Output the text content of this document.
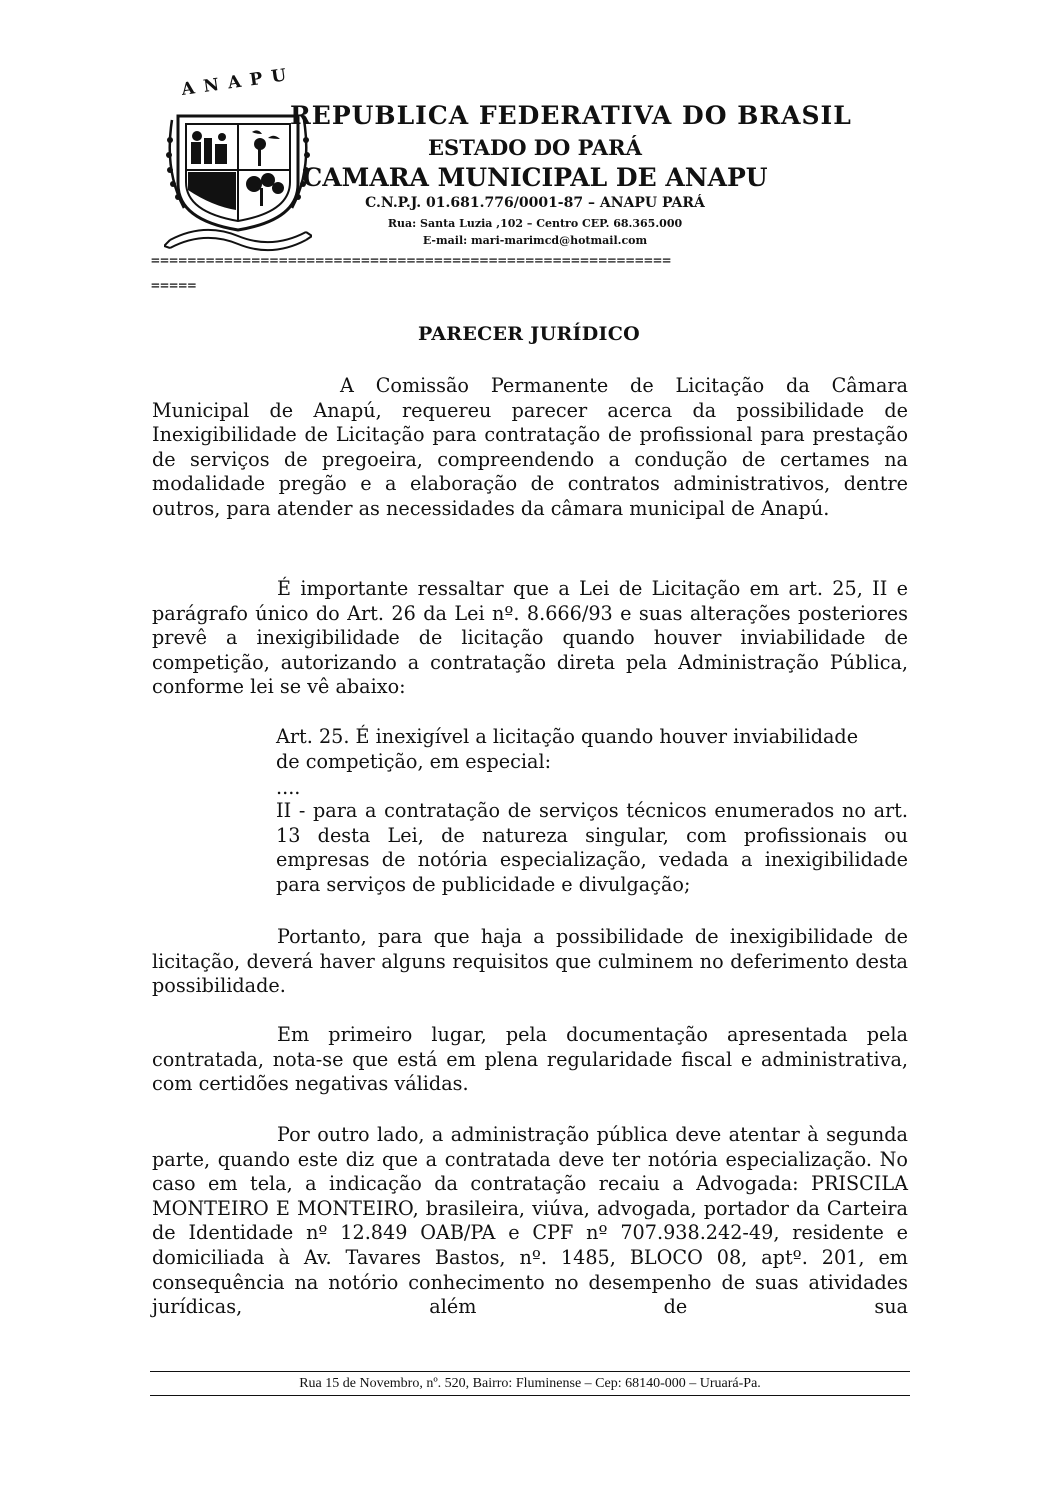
ANAPU
REPUBLICA FEDERATIVA DO BRASIL
ESTADO DO PARÁ
CAMARA MUNICIPAL DE ANAPU
C.N.P.J. 01.681.776/0001-87 – ANAPU PARÁ
Rua: Santa Luzia ,102 – Centro CEP. 68.365.000
E-mail: mari-marimcd@hotmail.com
=========================================================
=====
PARECER JURÍDICO

A Comissão Permanente de Licitação da Câmara Municipal de Anapú, requereu parecer acerca da possibilidade de Inexigibilidade de Licitação para contratação de profissional para prestação de serviços de pregoeira, compreendendo a condução de certames na modalidade pregão e a elaboração de contratos administrativos, dentre outros, para atender as necessidades da câmara municipal de Anapú.

É importante ressaltar que a Lei de Licitação em art. 25, II e parágrafo único do Art. 26 da Lei nº. 8.666/93 e suas alterações posteriores prevê a inexigibilidade de licitação quando houver inviabilidade de competição, autorizando a contratação direta pela Administração Pública, conforme lei se vê abaixo:

Art. 25. É inexigível a licitação quando houver inviabilidade
de competição, em especial:
....

II - para a contratação de serviços técnicos enumerados no art. 13 desta Lei, de natureza singular, com profissionais ou empresas de notória especialização, vedada a inexigibilidade para serviços de publicidade e divulgação;

Portanto, para que haja a possibilidade de inexigibilidade de licitação, deverá haver alguns requisitos que culminem no deferimento desta possibilidade.

Em primeiro lugar, pela documentação apresentada pela contratada, nota-se que está em plena regularidade fiscal e administrativa, com certidões negativas válidas.

Por outro lado, a administração pública deve atentar à segunda parte, quando este diz que a contratada deve ter notória especialização. No caso em tela, a indicação da contratação recaiu a Advogada: PRISCILA MONTEIRO E MONTEIRO, brasileira, viúva, advogada, portador da Carteira de Identidade nº 12.849 OAB/PA e CPF nº 707.938.242-49, residente e domiciliada à Av. Tavares Bastos, nº. 1485, BLOCO 08, aptº. 201, em consequência na notório conhecimento no desempenho de suas atividades jurídicas, além de sua

Rua 15 de Novembro, nº. 520, Bairro: Fluminense – Cep: 68140-000 – Uruará-Pa.
